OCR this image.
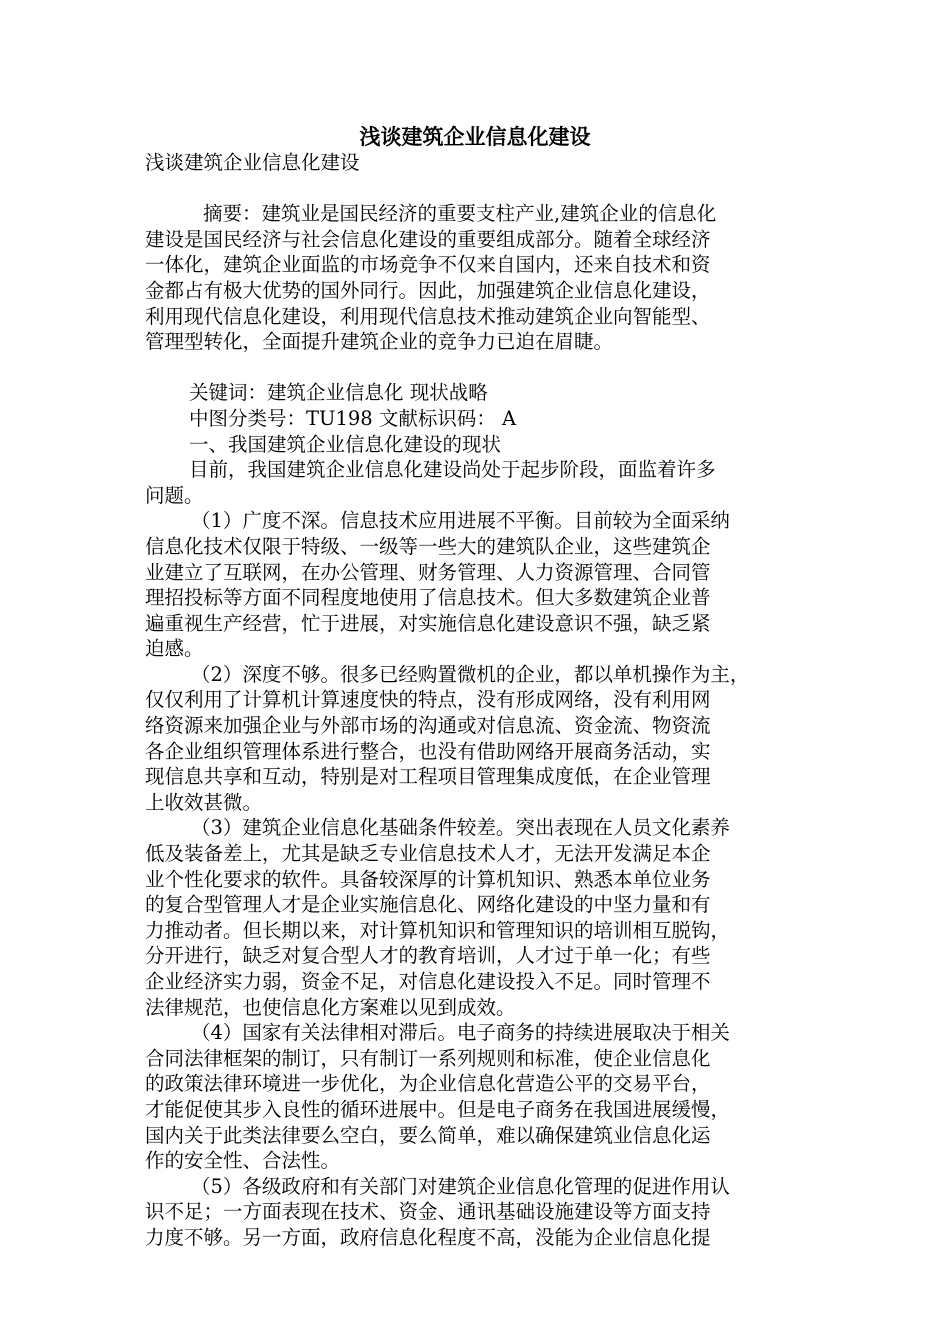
浅谈建筑企业信息化建设
浅谈建筑企业信息化建设
摘要：建筑业是国民经济的重要支柱产业,建筑企业的信息化
建设是国民经济与社会信息化建设的重要组成部分。随着全球经济
一体化，建筑企业面监的市场竞争不仅来自国内，还来自技术和资
金都占有极大优势的国外同行。因此，加强建筑企业信息化建设，
利用现代信息化建设，利用现代信息技术推动建筑企业向智能型、
管理型转化，全面提升建筑企业的竞争力已迫在眉睫。
关键词：建筑企业信息化 现状战略
中图分类号：TU198 文献标识码： A
一、我国建筑企业信息化建设的现状
目前，我国建筑企业信息化建设尚处于起步阶段，面监着许多
问题。
（1）广度不深。信息技术应用进展不平衡。目前较为全面采纳
信息化技术仅限于特级、一级等一些大的建筑队企业，这些建筑企
业建立了互联网，在办公管理、财务管理、人力资源管理、合同管
理招投标等方面不同程度地使用了信息技术。但大多数建筑企业普
遍重视生产经营，忙于进展，对实施信息化建设意识不强，缺乏紧
迫感。
（2）深度不够。很多已经购置微机的企业，都以单机操作为主，
仅仅利用了计算机计算速度快的特点，没有形成网络，没有利用网
络资源来加强企业与外部市场的沟通或对信息流、资金流、物资流
各企业组织管理体系进行整合，也没有借助网络开展商务活动，实
现信息共享和互动，特别是对工程项目管理集成度低，在企业管理
上收效甚微。
（3）建筑企业信息化基础条件较差。突出表现在人员文化素养
低及装备差上，尤其是缺乏专业信息技术人才，无法开发满足本企
业个性化要求的软件。具备较深厚的计算机知识、熟悉本单位业务
的复合型管理人才是企业实施信息化、网络化建设的中坚力量和有
力推动者。但长期以来，对计算机知识和管理知识的培训相互脱钩，
分开进行，缺乏对复合型人才的教育培训，人才过于单一化；有些
企业经济实力弱，资金不足，对信息化建设投入不足。同时管理不
法律规范，也使信息化方案难以见到成效。
（4）国家有关法律相对滞后。电子商务的持续进展取决于相关
合同法律框架的制订，只有制订一系列规则和标准，使企业信息化
的政策法律环境进一步优化，为企业信息化营造公平的交易平台，
才能促使其步入良性的循环进展中。但是电子商务在我国进展缓慢，
国内关于此类法律要么空白，要么简单，难以确保建筑业信息化运
作的安全性、合法性。
（5）各级政府和有关部门对建筑企业信息化管理的促进作用认
识不足；一方面表现在技术、资金、通讯基础设施建设等方面支持
力度不够。另一方面，政府信息化程度不高，没能为企业信息化提
